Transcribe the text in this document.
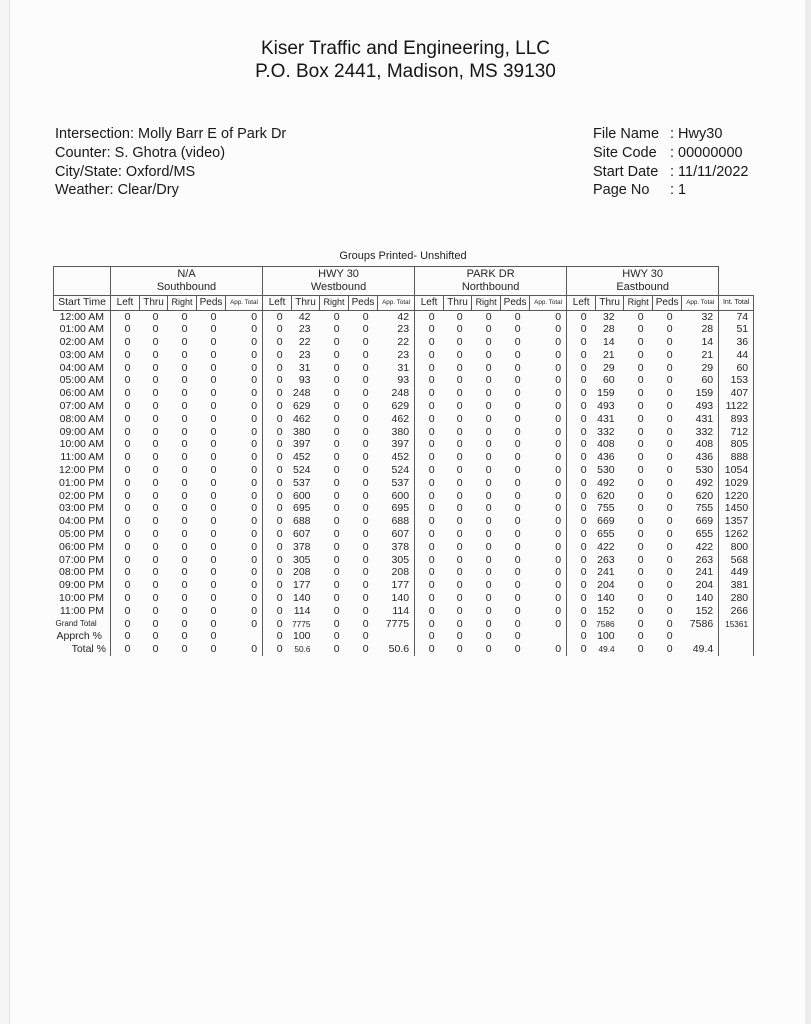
Kiser Traffic and Engineering, LLC
P.O. Box 2441, Madison, MS 39130
Intersection: Molly Barr E of Park Dr
Counter: S. Ghotra (video)
City/State: Oxford/MS
Weather: Clear/Dry
File Name : Hwy30
Site Code : 00000000
Start Date : 11/11/2022
Page No : 1
Groups Printed- Unshifted

N/A
Southbound

HWY 30
Westbound

PARK DR
Northbound

HWY 30
Eastbound

Start Time	Left	Thru	Right	Peds	App. Total	Left	Thru	Right	Peds	App. Total	Left	Thru	Right	Peds	App. Total	Left	Thru	Right	Peds	App. Total	Int. Total
12:00 AM	0	0	0	0	0	0	42	0	0	42	0	0	0	0	0	0	32	0	0	32	74
01:00 AM	0	0	0	0	0	0	23	0	0	23	0	0	0	0	0	0	28	0	0	28	51
02:00 AM	0	0	0	0	0	0	22	0	0	22	0	0	0	0	0	0	14	0	0	14	36
03:00 AM	0	0	0	0	0	0	23	0	0	23	0	0	0	0	0	0	21	0	0	21	44
04:00 AM	0	0	0	0	0	0	31	0	0	31	0	0	0	0	0	0	29	0	0	29	60
05:00 AM	0	0	0	0	0	0	93	0	0	93	0	0	0	0	0	0	60	0	0	60	153
06:00 AM	0	0	0	0	0	0	248	0	0	248	0	0	0	0	0	0	159	0	0	159	407
07:00 AM	0	0	0	0	0	0	629	0	0	629	0	0	0	0	0	0	493	0	0	493	1122
08:00 AM	0	0	0	0	0	0	462	0	0	462	0	0	0	0	0	0	431	0	0	431	893
09:00 AM	0	0	0	0	0	0	380	0	0	380	0	0	0	0	0	0	332	0	0	332	712
10:00 AM	0	0	0	0	0	0	397	0	0	397	0	0	0	0	0	0	408	0	0	408	805
11:00 AM	0	0	0	0	0	0	452	0	0	452	0	0	0	0	0	0	436	0	0	436	888
12:00 PM	0	0	0	0	0	0	524	0	0	524	0	0	0	0	0	0	530	0	0	530	1054
01:00 PM	0	0	0	0	0	0	537	0	0	537	0	0	0	0	0	0	492	0	0	492	1029
02:00 PM	0	0	0	0	0	0	600	0	0	600	0	0	0	0	0	0	620	0	0	620	1220
03:00 PM	0	0	0	0	0	0	695	0	0	695	0	0	0	0	0	0	755	0	0	755	1450
04:00 PM	0	0	0	0	0	0	688	0	0	688	0	0	0	0	0	0	669	0	0	669	1357
05:00 PM	0	0	0	0	0	0	607	0	0	607	0	0	0	0	0	0	655	0	0	655	1262
06:00 PM	0	0	0	0	0	0	378	0	0	378	0	0	0	0	0	0	422	0	0	422	800
07:00 PM	0	0	0	0	0	0	305	0	0	305	0	0	0	0	0	0	263	0	0	263	568
08:00 PM	0	0	0	0	0	0	208	0	0	208	0	0	0	0	0	0	241	0	0	241	449
09:00 PM	0	0	0	0	0	0	177	0	0	177	0	0	0	0	0	0	204	0	0	204	381
10:00 PM	0	0	0	0	0	0	140	0	0	140	0	0	0	0	0	0	140	0	0	140	280
11:00 PM	0	0	0	0	0	0	114	0	0	114	0	0	0	0	0	0	152	0	0	152	266
Grand Total	0	0	0	0	0	0	7775	0	0	7775	0	0	0	0	0	0	7586	0	0	7586	15361
Apprch %	0	0	0	0		0	100	0	0		0	0	0	0		0	100	0	0		
Total %	0	0	0	0	0	0	50.6	0	0	50.6	0	0	0	0	0	0	49.4	0	0	49.4	
